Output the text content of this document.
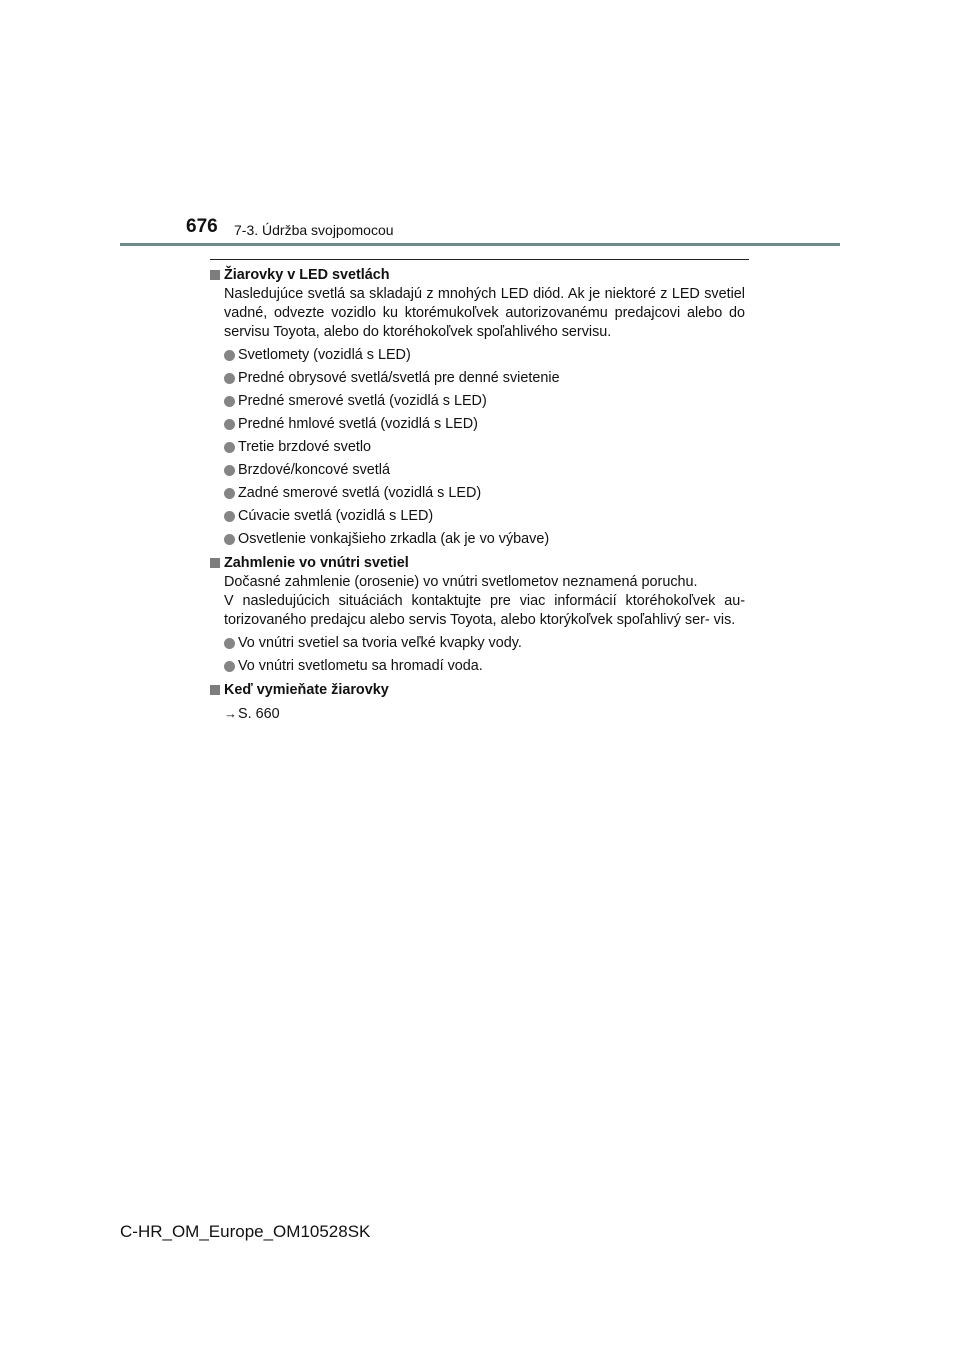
676 7-3. Údržba svojpomocou
Žiarovky v LED svetlách
Nasledujúce svetlá sa skladajú z mnohých LED diód. Ak je niektoré z LED svetiel vadné, odvezte vozidlo ku ktorémukoľvek autorizovanému predajcovi alebo do servisu Toyota, alebo do ktoréhokoľvek spoľahlivého servisu.
Svetlomety (vozidlá s LED)
Predné obrysové svetlá/svetlá pre denné svietenie
Predné smerové svetlá (vozidlá s LED)
Predné hmlové svetlá (vozidlá s LED)
Tretie brzdové svetlo
Brzdové/koncové svetlá
Zadné smerové svetlá (vozidlá s LED)
Cúvacie svetlá (vozidlá s LED)
Osvetlenie vonkajšieho zrkadla (ak je vo výbave)
Zahmlenie vo vnútri svetiel
Dočasné zahmlenie (orosenie) vo vnútri svetlometov neznamená poruchu.
V nasledujúcich situáciách kontaktujte pre viac informácií ktoréhokoľvek au- torizovaného predajcu alebo servis Toyota, alebo ktorýkoľvek spoľahlivý ser- vis.
Vo vnútri svetiel sa tvoria veľké kvapky vody.
Vo vnútri svetlometu sa hromadí voda.
Keď vymieňate žiarovky
→S. 660
C-HR_OM_Europe_OM10528SK
